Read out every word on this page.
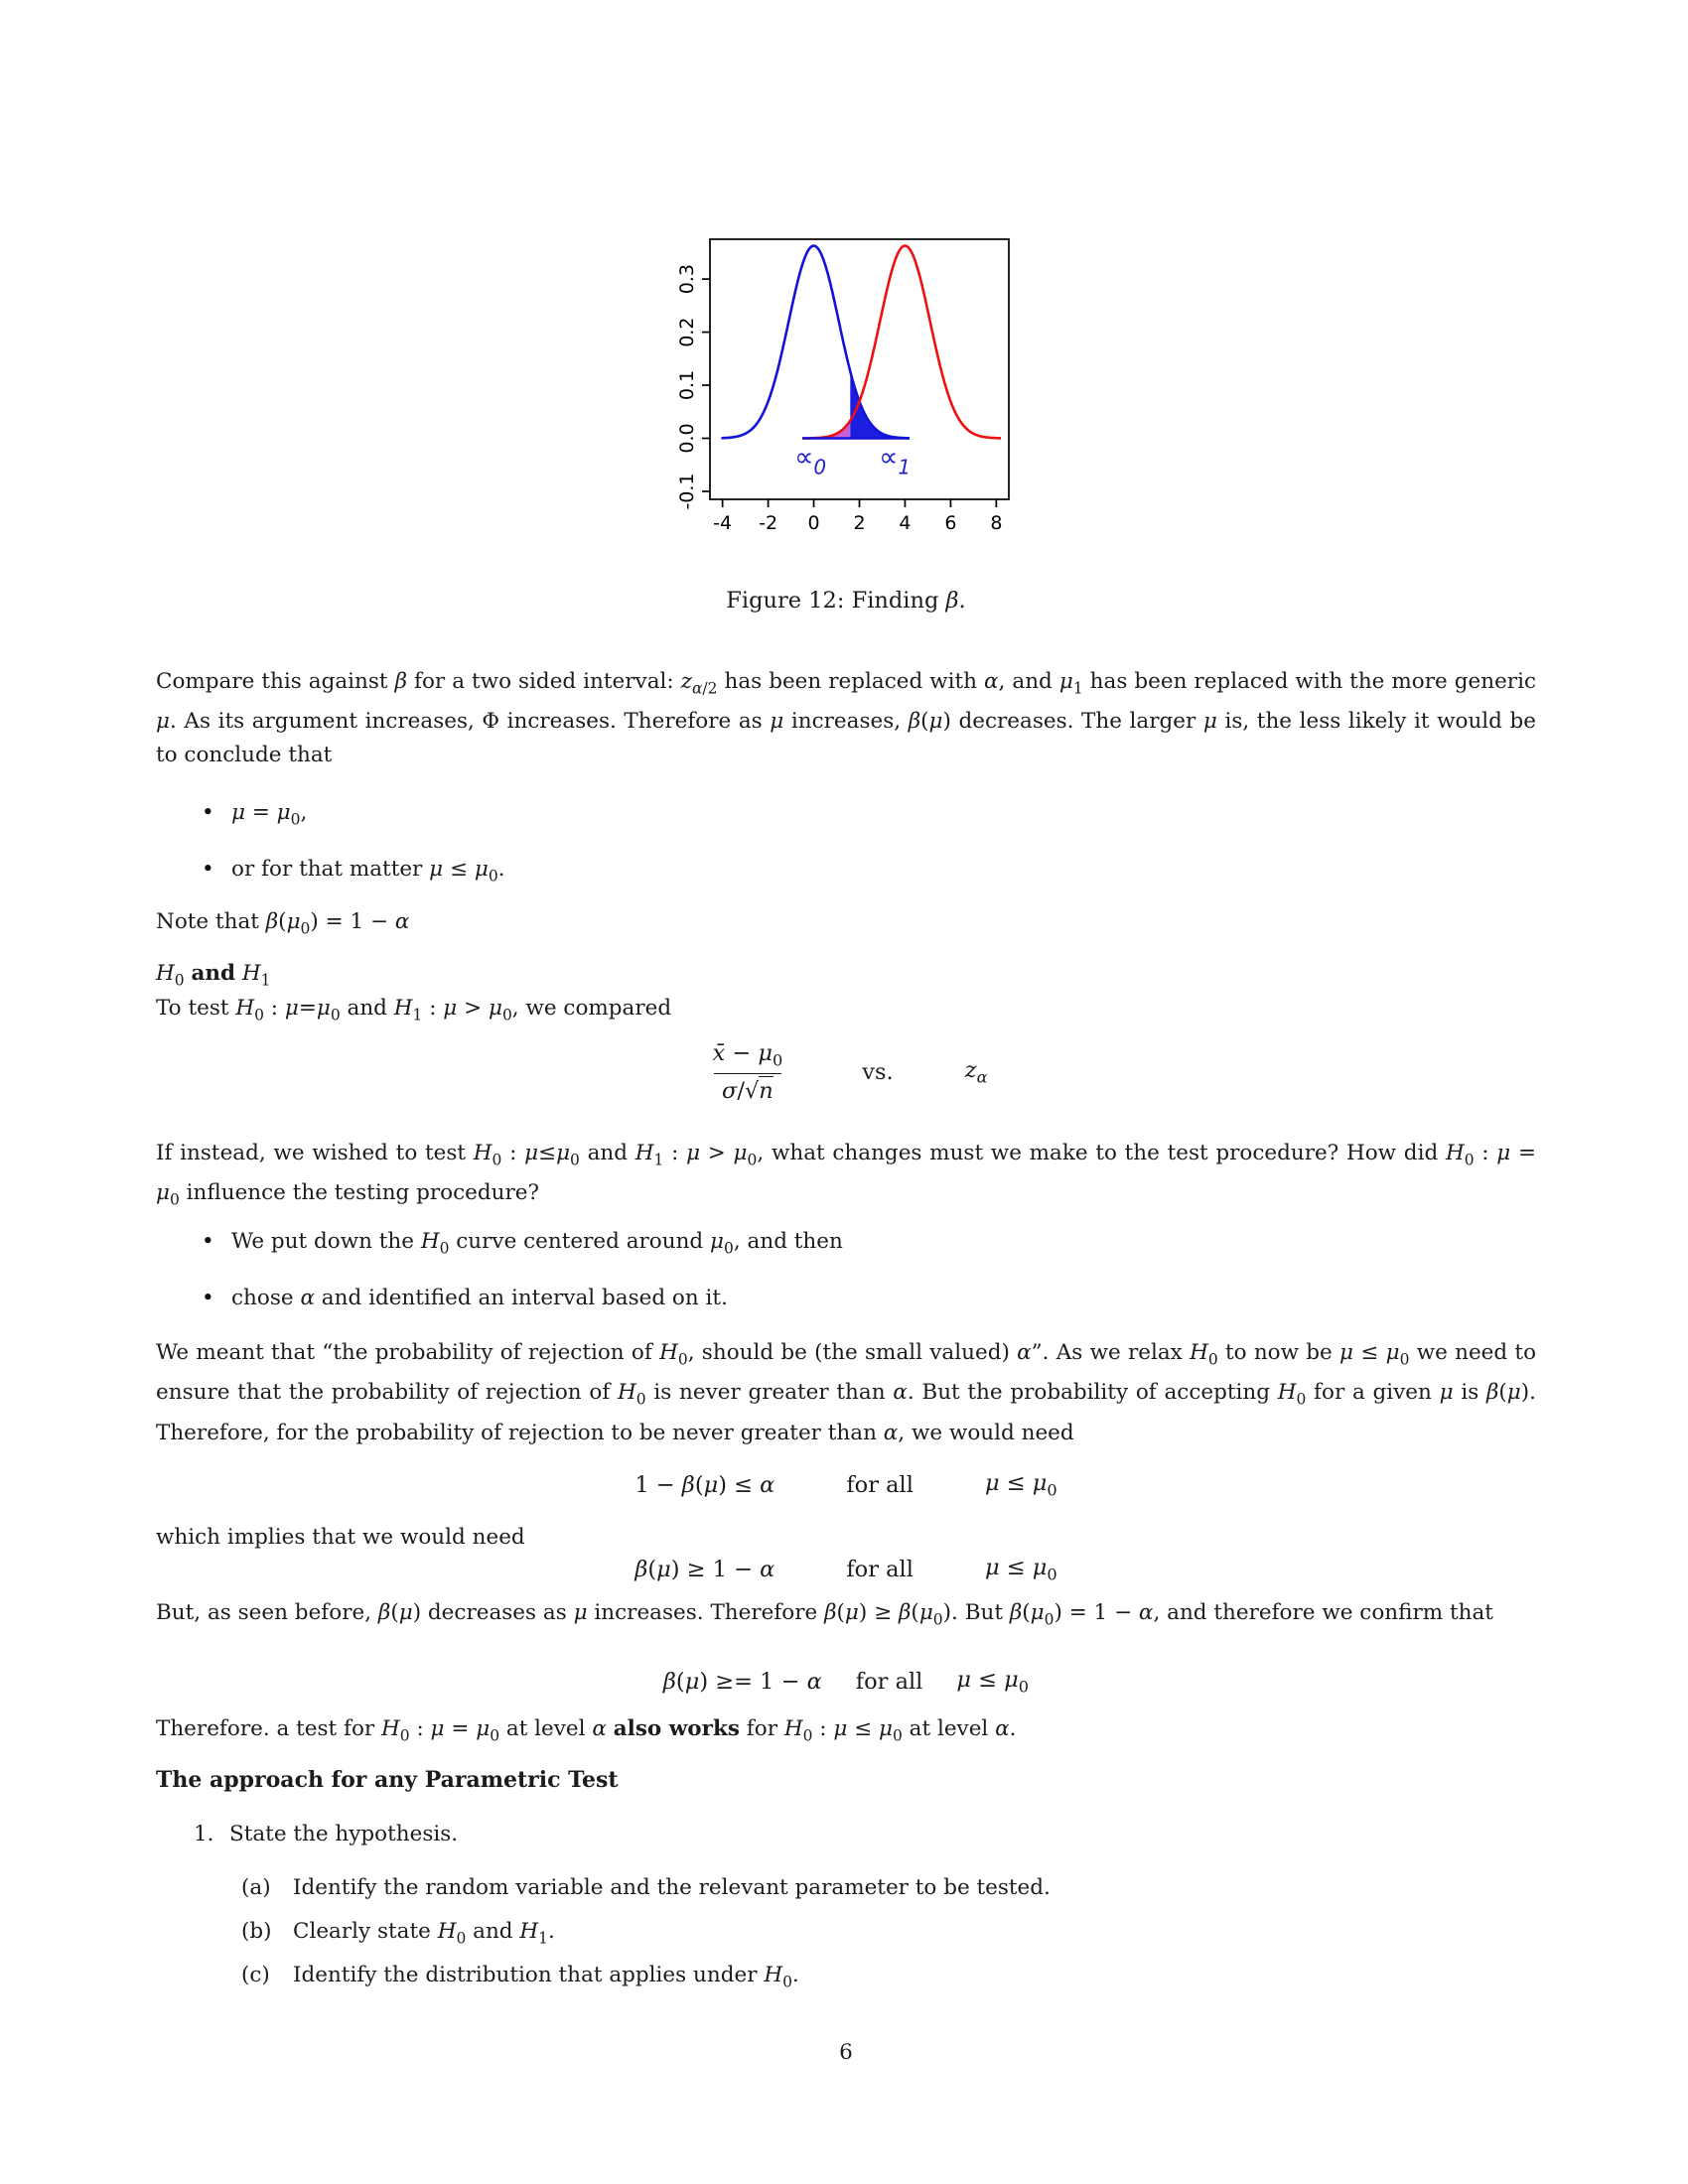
-4 -2 0 2 4 6 8
-0.1
0.0
0.1
0.2
0.3
$\propto_0 \propto_1$
Figure 12: Finding β.
Compare this against β for a two sided interval: $z_{\alpha/2}$ has been replaced with α, and $\mu_1$ has been replaced with the more generic μ. As its argument increases, Φ increases. Therefore as μ increases, β(μ) decreases. The larger μ is, the less likely it would be to conclude that
• $\mu = \mu_0$,
• or for that matter $\mu \le \mu_0$.
Note that $\beta(\mu_0) = 1 - \alpha$
$H_0$ and $H_1$
To test $H_0$ : $\mu=\mu_0$ and $H_1$ : $\mu > \mu_0$, we compared
$\frac{x̄ - \mu_0}{\sigma/√n}$	vs.	$z_\alpha$
If instead, we wished to test $H_0$ : $\mu\le\mu_0$ and $H_1$ : $\mu > \mu_0$, what changes must we make to the test procedure? How did $H_0$ : $\mu = \mu_0$ influence the testing procedure?
• We put down the $H_0$ curve centered around $\mu_0$, and then
• chose α and identified an interval based on it.
We meant that “the probability of rejection of $H_0$, should be (the small valued) α”. As we relax $H_0$ to now be $\mu \le \mu_0$ we need to ensure that the probability of rejection of $H_0$ is never greater than α. But the probability of accepting $H_0$ for a given μ is β(μ). Therefore, for the probability of rejection to be never greater than α, we would need
1 − β(μ) ≤ α	for all	$\mu \le \mu_0$
which implies that we would need
β(μ) ≥ 1 − α	for all	$\mu \le \mu_0$
But, as seen before, β(μ) decreases as μ increases. Therefore $\beta(\mu) \ge \beta(\mu_0)$. But $\beta(\mu_0) = 1 - \alpha$, and therefore we confirm that
β(μ) ≥= 1 − α for all $\mu \le \mu_0$
Therefore. a test for $H_0$ : $\mu = \mu_0$ at level α also works for $H_0$ : $\mu \le \mu_0$ at level α.
The approach for any Parametric Test
1. State the hypothesis.
(a) Identify the random variable and the relevant parameter to be tested.
(b) Clearly state $H_0$ and $H_1$.
(c) Identify the distribution that applies under $H_0$.
6
